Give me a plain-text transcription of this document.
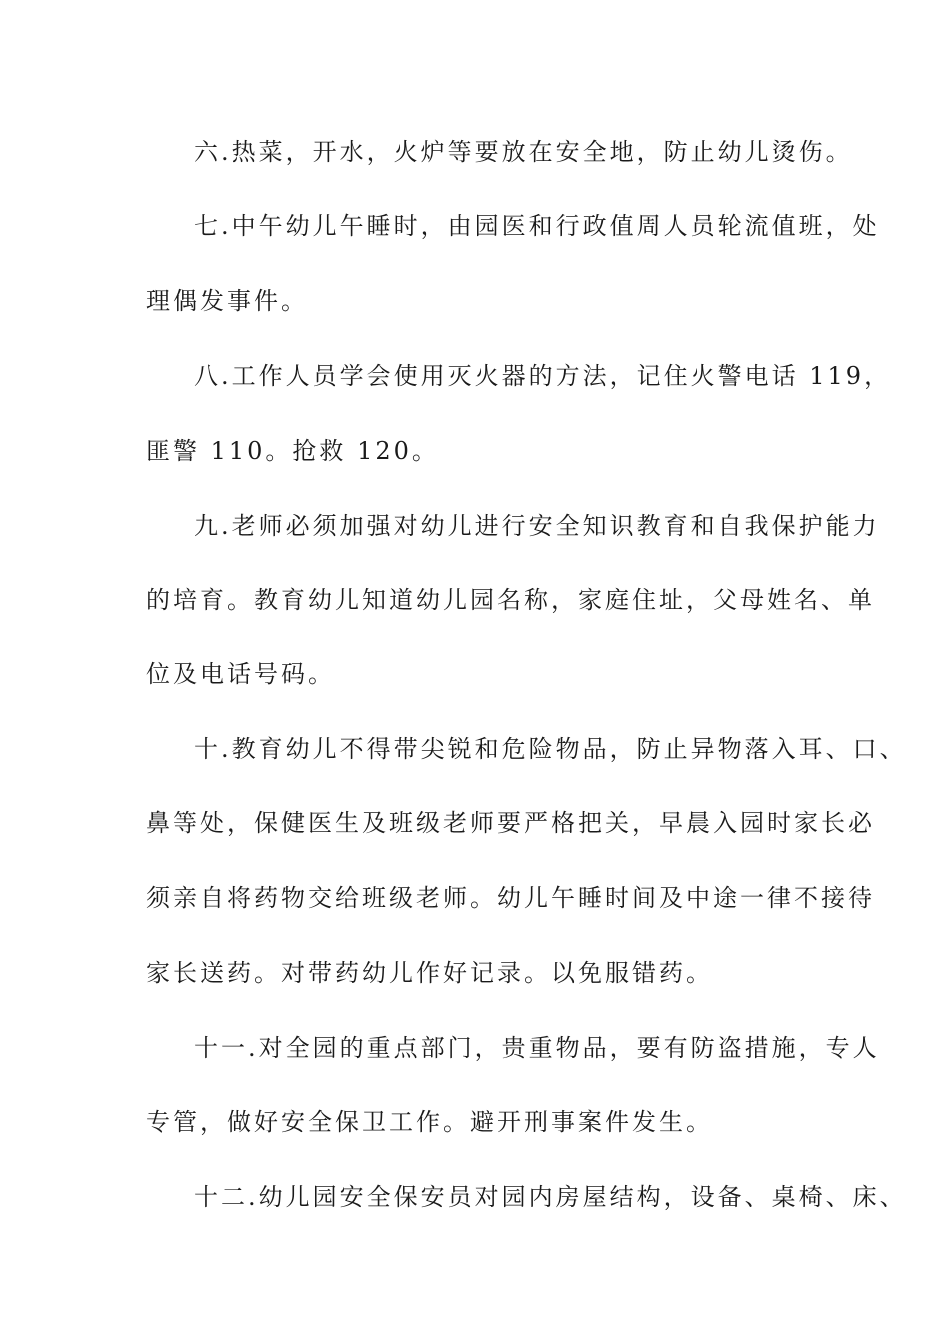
六.热菜，开水，火炉等要放在安全地，防止幼儿烫伤。
七.中午幼儿午睡时，由园医和行政值周人员轮流值班，处
理偶发事件。
八.工作人员学会使用灭火器的方法，记住火警电话 119，
匪警 110。抢救 120。
九.老师必须加强对幼儿进行安全知识教育和自我保护能力
的培育。教育幼儿知道幼儿园名称，家庭住址，父母姓名、单
位及电话号码。
十.教育幼儿不得带尖锐和危险物品，防止异物落入耳、口、
鼻等处，保健医生及班级老师要严格把关，早晨入园时家长必
须亲自将药物交给班级老师。幼儿午睡时间及中途一律不接待
家长送药。对带药幼儿作好记录。以免服错药。
十一.对全园的重点部门，贵重物品，要有防盗措施，专人
专管，做好安全保卫工作。避开刑事案件发生。
十二.幼儿园安全保安员对园内房屋结构，设备、桌椅、床、
